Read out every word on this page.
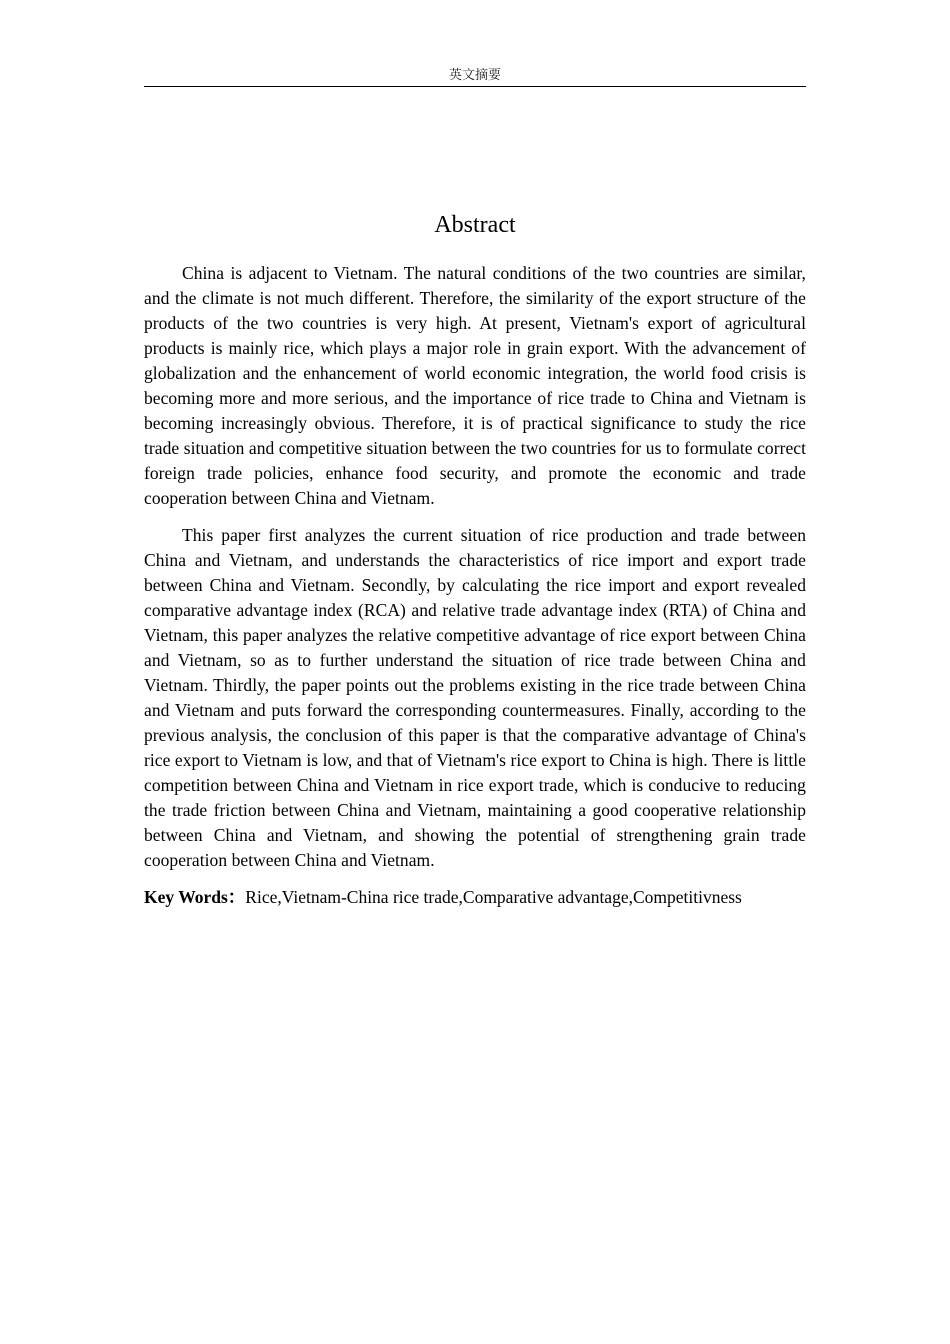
英文摘要
Abstract

China is adjacent to Vietnam. The natural conditions of the two countries are similar, and the climate is not much different. Therefore, the similarity of the export structure of the products of the two countries is very high. At present, Vietnam's export of agricultural products is mainly rice, which plays a major role in grain export. With the advancement of globalization and the enhancement of world economic integration, the world food crisis is becoming more and more serious, and the importance of rice trade to China and Vietnam is becoming increasingly obvious. Therefore, it is of practical significance to study the rice trade situation and competitive situation between the two countries for us to formulate correct foreign trade policies, enhance food security, and promote the economic and trade cooperation between China and Vietnam.

This paper first analyzes the current situation of rice production and trade between China and Vietnam, and understands the characteristics of rice import and export trade between China and Vietnam. Secondly, by calculating the rice import and export revealed comparative advantage index (RCA) and relative trade advantage index (RTA) of China and Vietnam, this paper analyzes the relative competitive advantage of rice export between China and Vietnam, so as to further understand the situation of rice trade between China and Vietnam. Thirdly, the paper points out the problems existing in the rice trade between China and Vietnam and puts forward the corresponding countermeasures. Finally, according to the previous analysis, the conclusion of this paper is that the comparative advantage of China's rice export to Vietnam is low, and that of Vietnam's rice export to China is high. There is little competition between China and Vietnam in rice export trade, which is conducive to reducing the trade friction between China and Vietnam, maintaining a good cooperative relationship between China and Vietnam, and showing the potential of strengthening grain trade cooperation between China and Vietnam.

Key Words：Rice,Vietnam-China rice trade,Comparative advantage,Competitivness
